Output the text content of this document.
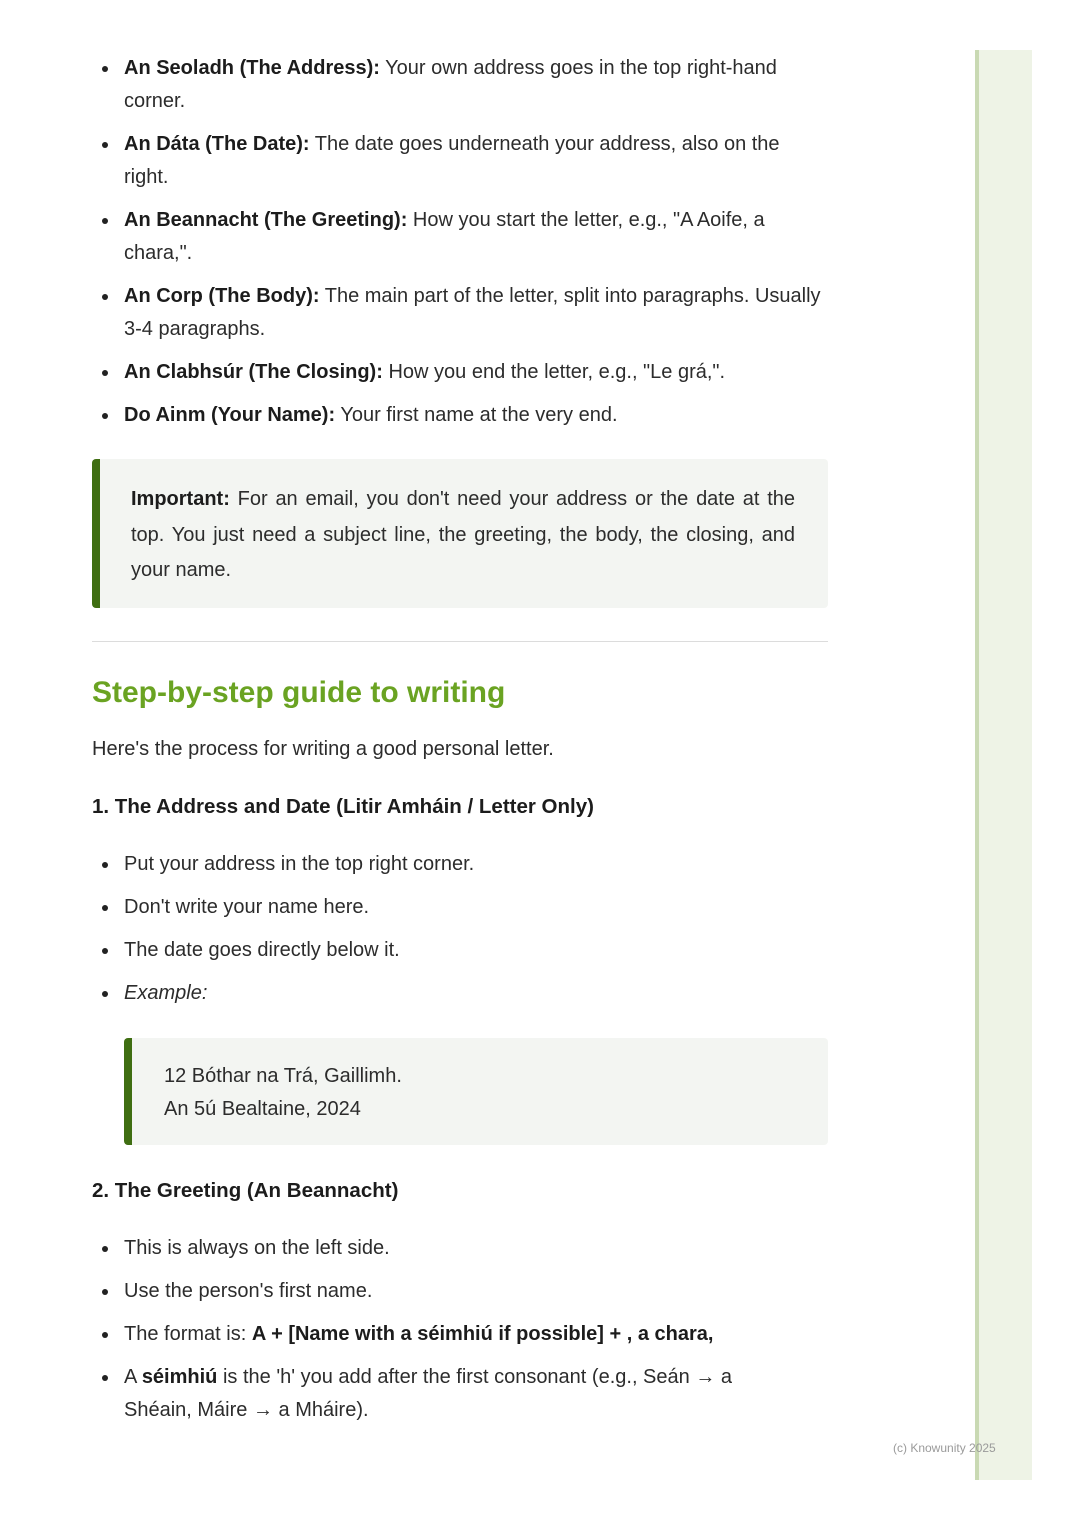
An Seoladh (The Address): Your own address goes in the top right-hand corner.
An Dáta (The Date): The date goes underneath your address, also on the right.
An Beannacht (The Greeting): How you start the letter, e.g., "A Aoife, a chara,".
An Corp (The Body): The main part of the letter, split into paragraphs. Usually 3-4 paragraphs.
An Clabhsúr (The Closing): How you end the letter, e.g., "Le grá,".
Do Ainm (Your Name): Your first name at the very end.
Important: For an email, you don't need your address or the date at the top. You just need a subject line, the greeting, the body, the closing, and your name.
Step-by-step guide to writing

Here's the process for writing a good personal letter.

1. The Address and Date (Litir Amháin / Letter Only)
Put your address in the top right corner.
Don't write your name here.
The date goes directly below it.
Example:
12 Bóthar na Trá, Gaillimh.
An 5ú Bealtaine, 2024
2. The Greeting (An Beannacht)
This is always on the left side.
Use the person's first name.
The format is: A + [Name with a séimhiú if possible] + , a chara,
A séimhiú is the 'h' you add after the first consonant (e.g., Seán → a Shéain, Máire → a Mháire).
(c) Knowunity 2025
